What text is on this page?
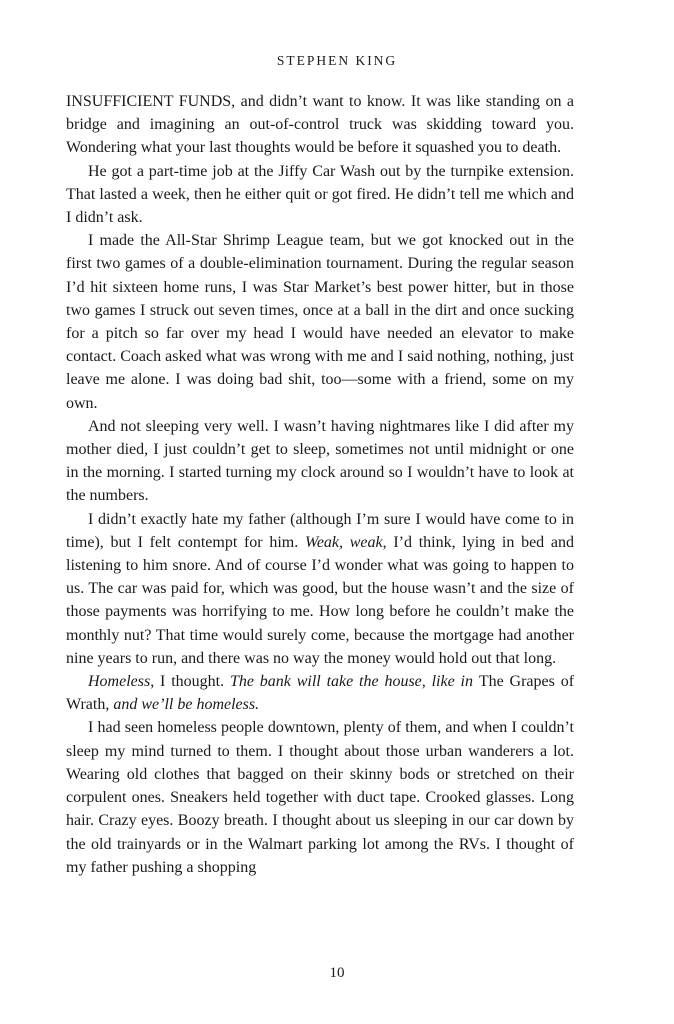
STEPHEN KING

INSUFFICIENT FUNDS, and didn’t want to know. It was like standing on a bridge and imagining an out-of-control truck was skidding toward you. Wondering what your last thoughts would be before it squashed you to death.

He got a part-time job at the Jiffy Car Wash out by the turnpike extension. That lasted a week, then he either quit or got fired. He didn’t tell me which and I didn’t ask.

I made the All-Star Shrimp League team, but we got knocked out in the first two games of a double-elimination tournament. During the regular season I’d hit sixteen home runs, I was Star Market’s best power hitter, but in those two games I struck out seven times, once at a ball in the dirt and once sucking for a pitch so far over my head I would have needed an elevator to make contact. Coach asked what was wrong with me and I said nothing, nothing, just leave me alone. I was doing bad shit, too—some with a friend, some on my own.

And not sleeping very well. I wasn’t having nightmares like I did after my mother died, I just couldn’t get to sleep, sometimes not until midnight or one in the morning. I started turning my clock around so I wouldn’t have to look at the numbers.

I didn’t exactly hate my father (although I’m sure I would have come to in time), but I felt contempt for him. Weak, weak, I’d think, lying in bed and listening to him snore. And of course I’d wonder what was going to happen to us. The car was paid for, which was good, but the house wasn’t and the size of those payments was horrifying to me. How long before he couldn’t make the monthly nut? That time would surely come, because the mortgage had another nine years to run, and there was no way the money would hold out that long.

Homeless, I thought. The bank will take the house, like in The Grapes of Wrath, and we’ll be homeless.

I had seen homeless people downtown, plenty of them, and when I couldn’t sleep my mind turned to them. I thought about those urban wanderers a lot. Wearing old clothes that bagged on their skinny bods or stretched on their corpulent ones. Sneakers held together with duct tape. Crooked glasses. Long hair. Crazy eyes. Boozy breath. I thought about us sleeping in our car down by the old trainyards or in the Walmart parking lot among the RVs. I thought of my father pushing a shopping

10
